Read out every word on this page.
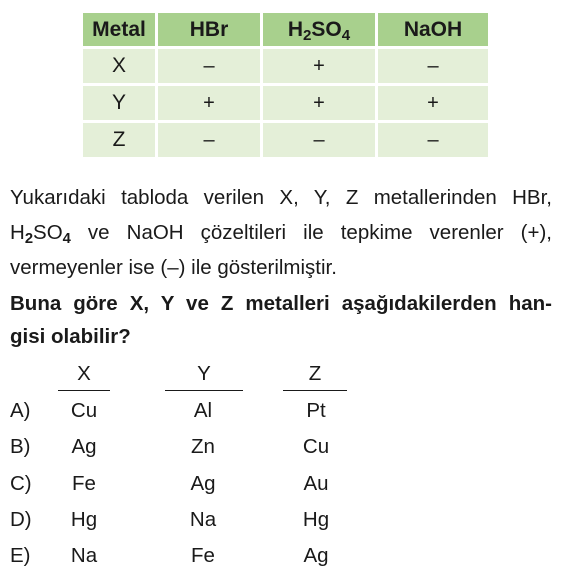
Metal	HBr	$H_2SO_4$	NaOH
X	–	+	–
Y	+	+	+
Z	–	–	–

Yukarıdaki tabloda verilen X, Y, Z metallerinden HBr,
$H_2SO_4$ ve NaOH çözeltileri ile tepkime verenler (+),
vermeyenler ise (–) ile gösterilmiştir.

Buna göre X, Y ve Z metalleri aşağıdakilerden han-
gisi olabilir?

X	Y	Z
A) Cu	Al	Pt
B) Ag	Zn	Cu
C) Fe	Ag	Au
D) Hg	Na	Hg
E) Na	Fe	Ag
